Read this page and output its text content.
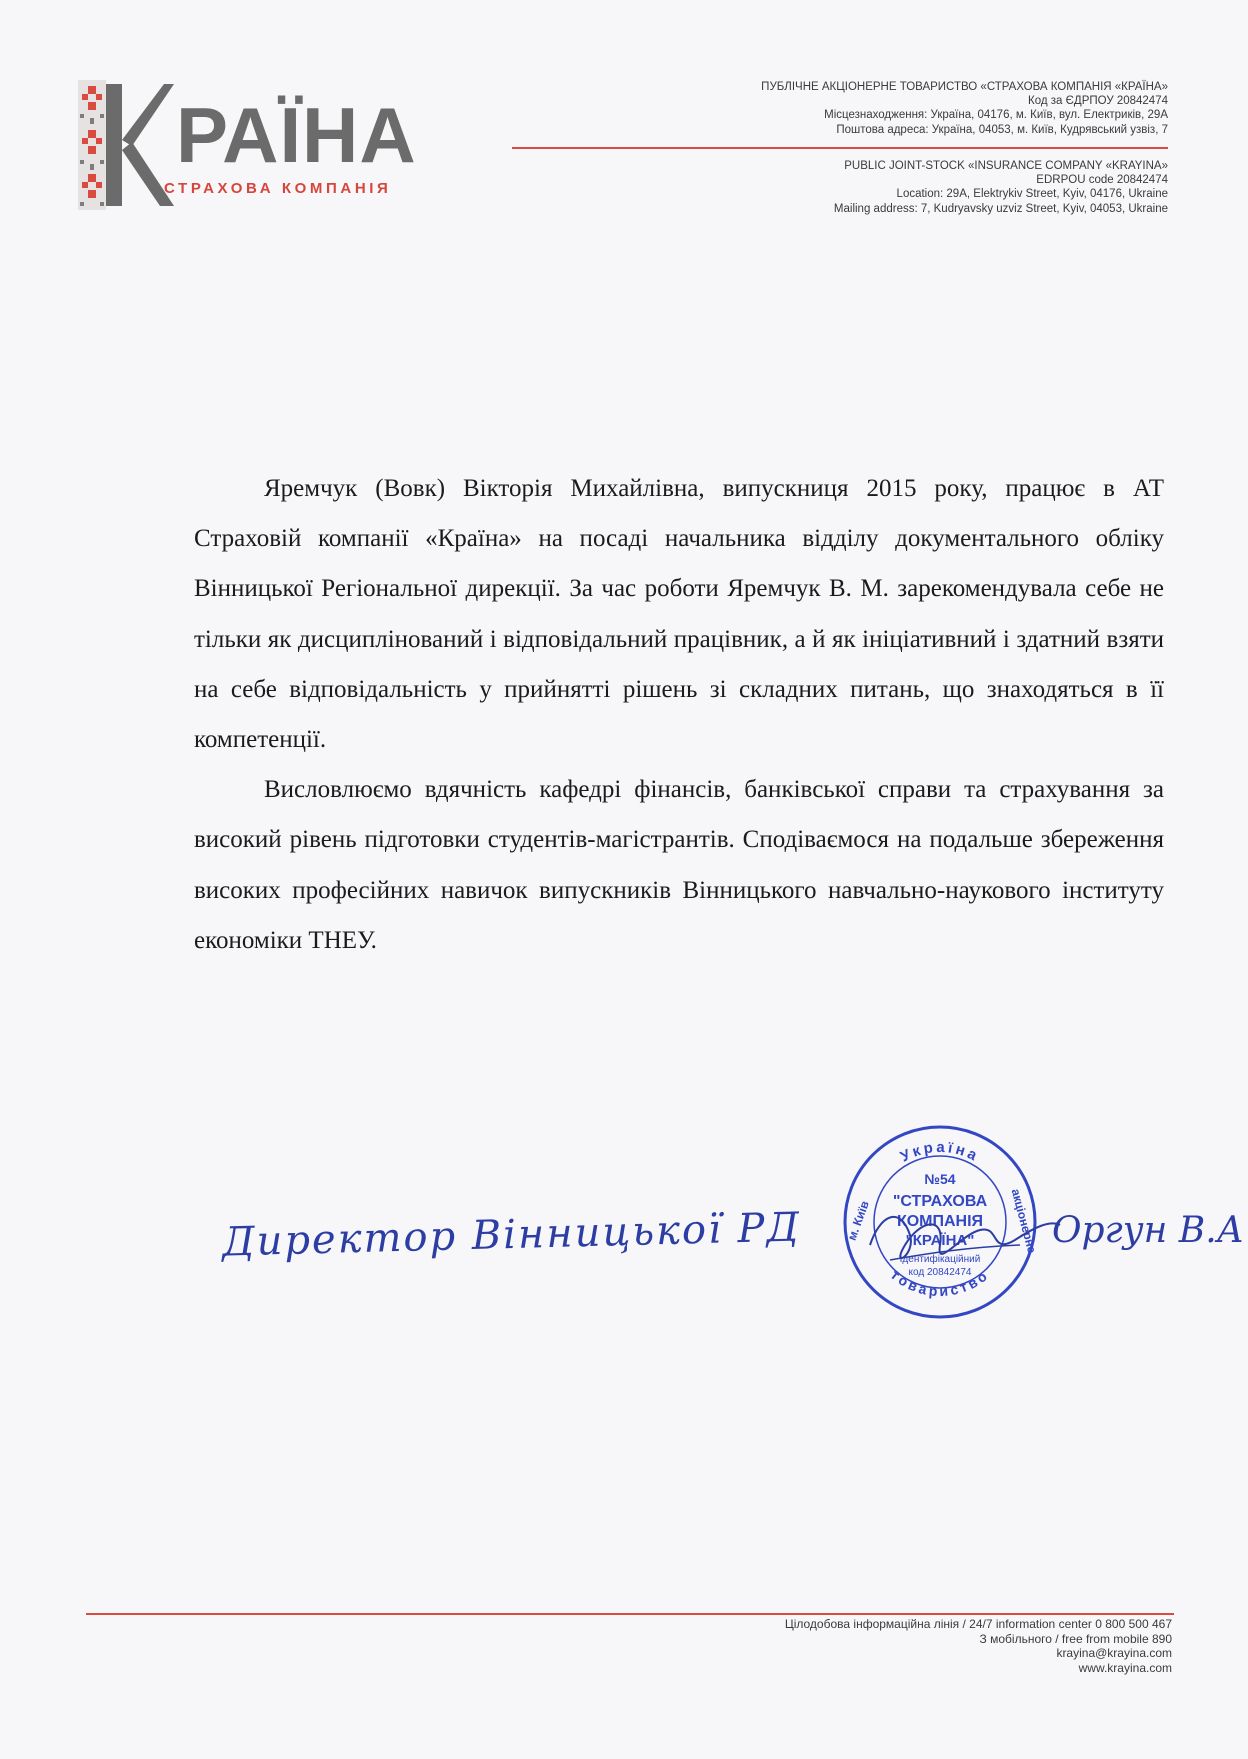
РАЇНА
СТРАХОВА КОМПАНІЯ
ПУБЛІЧНЕ АКЦІОНЕРНЕ ТОВАРИСТВО «СТРАХОВА КОМПАНІЯ «КРАЇНА»
Код за ЄДРПОУ 20842474
Місцезнаходження: Україна, 04176, м. Київ, вул. Електриків, 29А
Поштова адреса: Україна, 04053, м. Київ, Кудрявський узвіз, 7
PUBLIC JOINT-STOCK «INSURANCE COMPANY «KRAYINA»
EDRPOU code 20842474
Location: 29A, Elektrykiv Street, Kyiv, 04176, Ukraine
Mailing address: 7, Kudryavsky uzviz Street, Kyiv, 04053, Ukraine

Яремчук (Вовк) Вікторія Михайлівна, випускниця 2015 року, працює в АТ Страховій компанії «Країна» на посаді начальника відділу документального обліку Вінницької Регіональної дирекції. За час роботи Яремчук В. М. зарекомендувала себе не тільки як дисциплінований і відповідальний працівник, а й як ініціативний і здатний взяти на себе відповідальність у прийнятті рішень зі складних питань, що знаходяться в її компетенції.

Висловлюємо вдячність кафедрі фінансів, банківської справи та страхування за високий рівень підготовки студентів-магістрантів. Сподіваємося на подальше збереження високих професійних навичок випускників Вінницького навчально-наукового інституту економіки ТНЕУ.

Директор Вінницької РД
Україна
товариство
м. Київ	акціонерне
№54
"СТРАХОВА
КОМПАНІЯ
"КРАЇНА"
Ідентифікаційний
код 20842474
Оргун В.А
Цілодобова інформаційна лінія / 24/7 information center 0 800 500 467
З мобільного / free from mobile 890
krayina@krayina.com
www.krayina.com
